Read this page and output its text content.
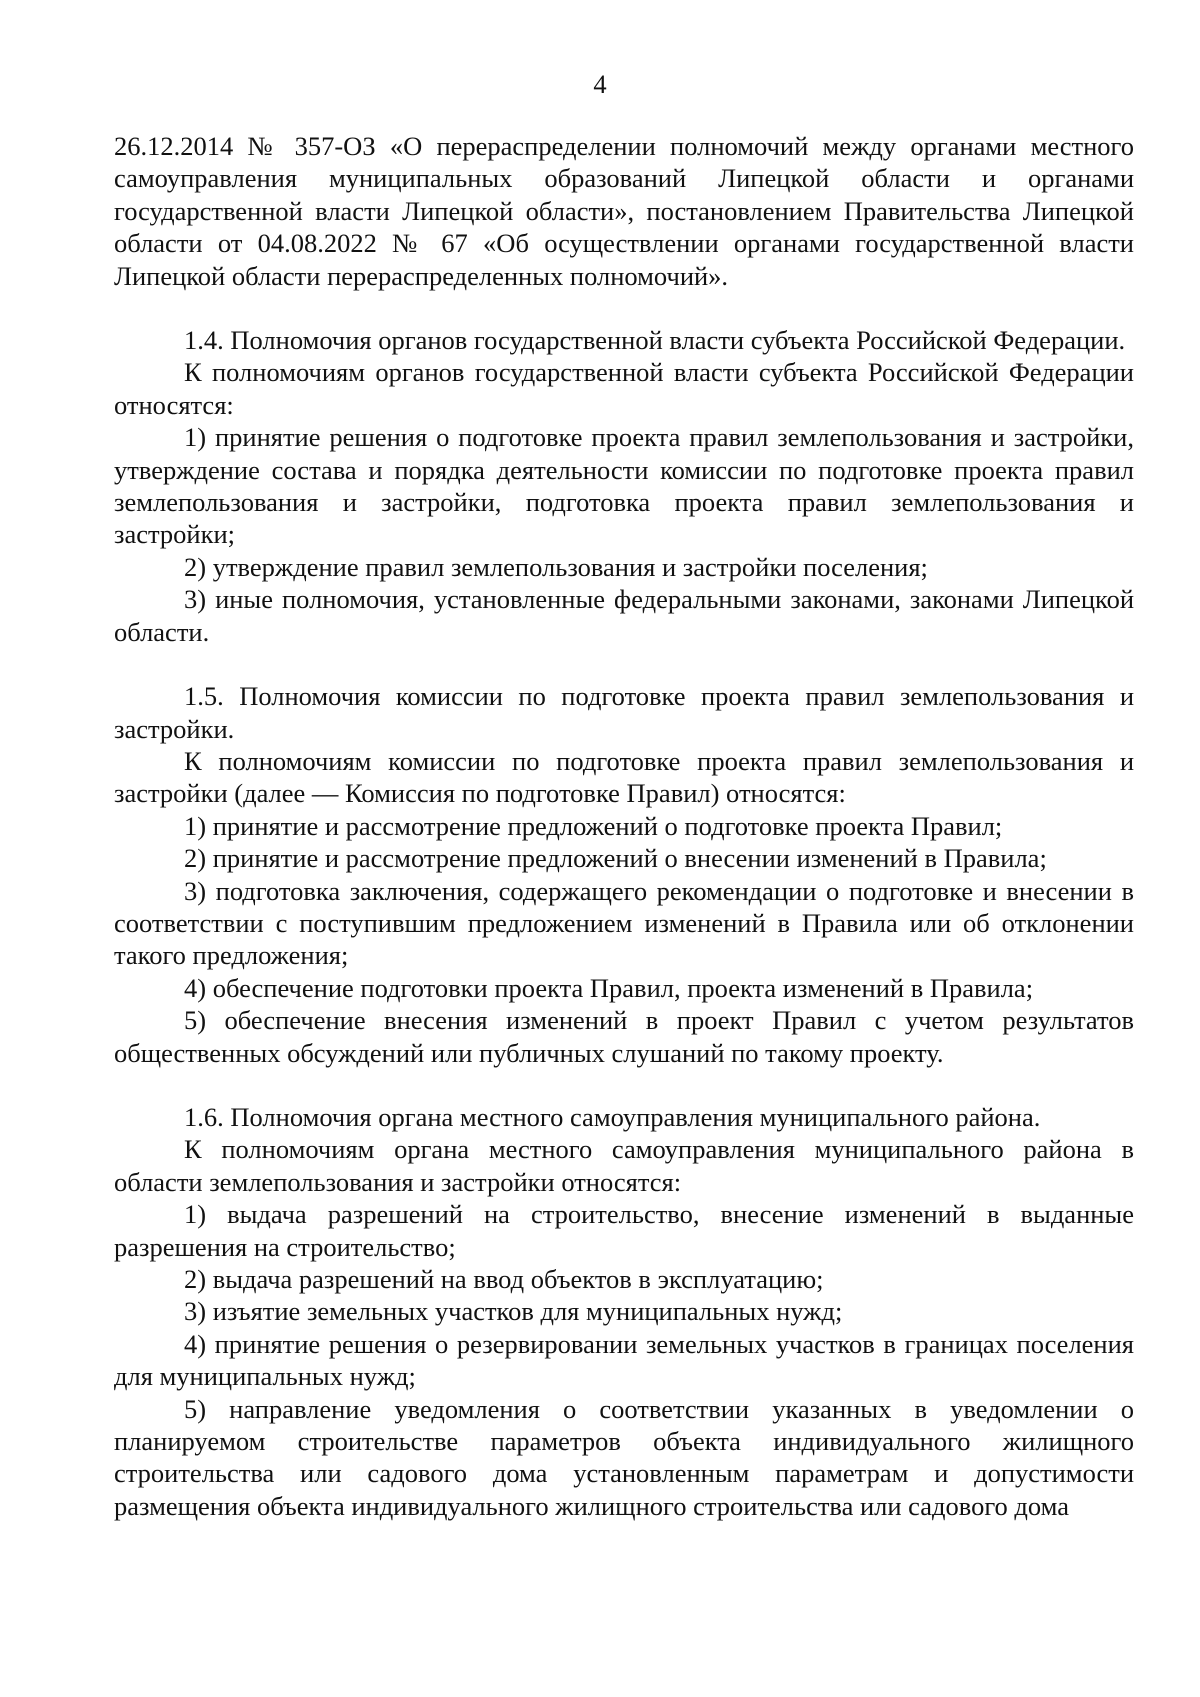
4

26.12.2014 № 357-ОЗ «О перераспределении полномочий между органами местного самоуправления муниципальных образований Липецкой области и органами государственной власти Липецкой области», постановлением Правительства Липецкой области от 04.08.2022 № 67 «Об осуществлении органами государственной власти Липецкой области перераспределенных полномочий».

1.4. Полномочия органов государственной власти субъекта Российской Федерации.

К полномочиям органов государственной власти субъекта Российской Федерации относятся:

1) принятие решения о подготовке проекта правил землепользования и застройки, утверждение состава и порядка деятельности комиссии по подготовке проекта правил землепользования и застройки, подготовка проекта правил землепользования и застройки;

2) утверждение правил землепользования и застройки поселения;

3) иные полномочия, установленные федеральными законами, законами Липецкой области.

1.5. Полномочия комиссии по подготовке проекта правил землепользования и застройки.

К полномочиям комиссии по подготовке проекта правил землепользования и застройки (далее — Комиссия по подготовке Правил) относятся:

1) принятие и рассмотрение предложений о подготовке проекта Правил;

2) принятие и рассмотрение предложений о внесении изменений в Правила;

3) подготовка заключения, содержащего рекомендации о подготовке и внесении в соответствии с поступившим предложением изменений в Правила или об отклонении такого предложения;

4) обеспечение подготовки проекта Правил, проекта изменений в Правила;

5) обеспечение внесения изменений в проект Правил с учетом результатов общественных обсуждений или публичных слушаний по такому проекту.

1.6. Полномочия органа местного самоуправления муниципального района.

К полномочиям органа местного самоуправления муниципального района в области землепользования и застройки относятся:

1) выдача разрешений на строительство, внесение изменений в выданные разрешения на строительство;

2) выдача разрешений на ввод объектов в эксплуатацию;

3) изъятие земельных участков для муниципальных нужд;

4) принятие решения о резервировании земельных участков в границах поселения для муниципальных нужд;

5) направление уведомления о соответствии указанных в уведомлении о планируемом строительстве параметров объекта индивидуального жилищного строительства или садового дома установленным параметрам и допустимости размещения объекта индивидуального жилищного строительства или садового дома
